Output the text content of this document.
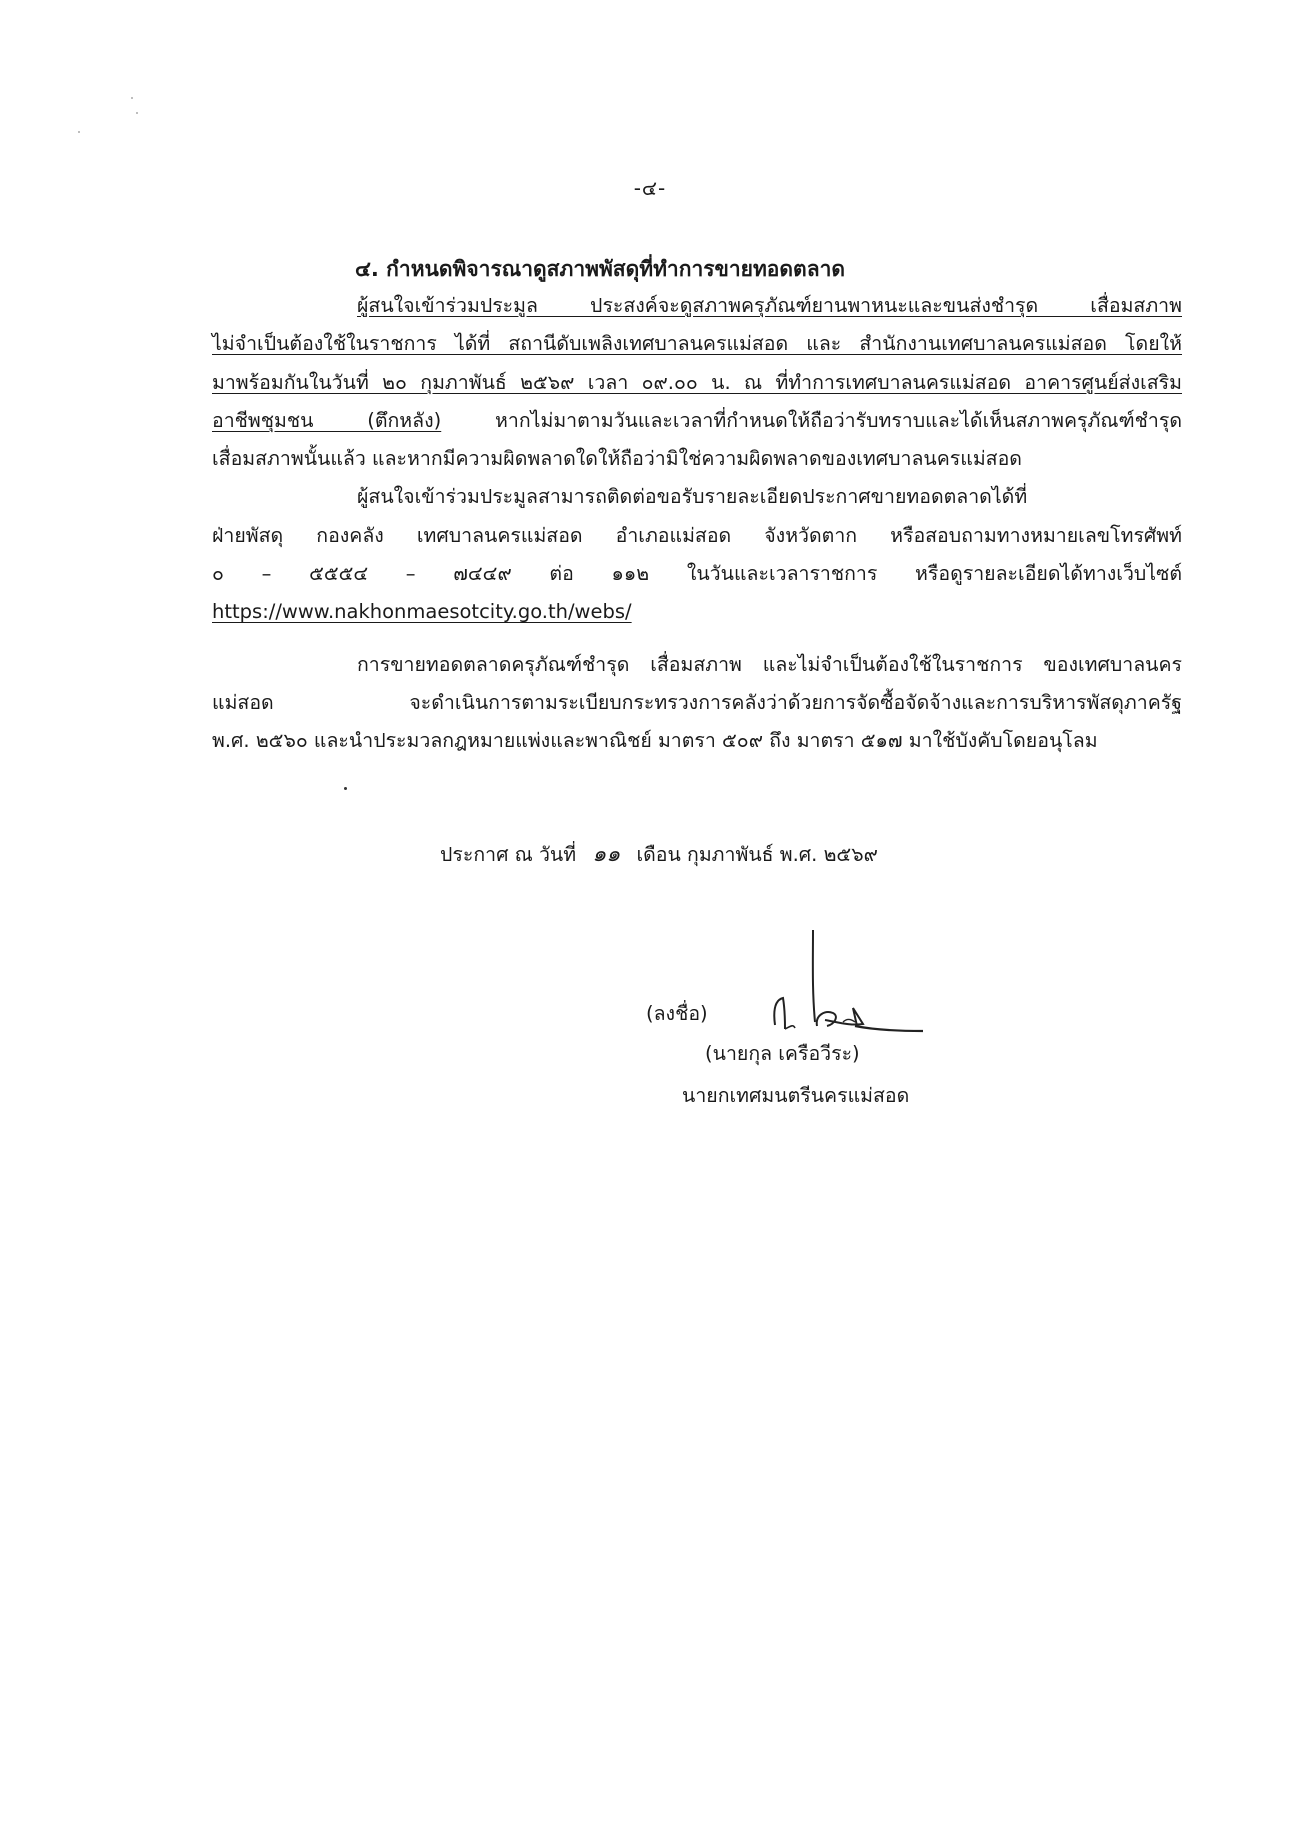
-๔-
๔. กำหนดพิจารณาดูสภาพพัสดุที่ทำการขายทอดตลาด
ผู้สนใจเข้าร่วมประมูล ประสงค์จะดูสภาพครุภัณฑ์ยานพาหนะและขนส่งชำรุด เสื่อมสภาพ
ไม่จำเป็นต้องใช้ในราชการ ได้ที่ สถานีดับเพลิงเทศบาลนครแม่สอด และ สำนักงานเทศบาลนครแม่สอด โดยให้
มาพร้อมกันในวันที่ ๒๐ กุมภาพันธ์ ๒๕๖๙ เวลา ๐๙.๐๐ น. ณ ที่ทำการเทศบาลนครแม่สอด อาคารศูนย์ส่งเสริม
อาชีพชุมชน (ตึกหลัง) หากไม่มาตามวันและเวลาที่กำหนดให้ถือว่ารับทราบและได้เห็นสภาพครุภัณฑ์ชำรุด
เสื่อมสภาพนั้นแล้ว และหากมีความผิดพลาดใดให้ถือว่ามิใช่ความผิดพลาดของเทศบาลนครแม่สอด
ผู้สนใจเข้าร่วมประมูลสามารถติดต่อขอรับรายละเอียดประกาศขายทอดตลาดได้ที่
ฝ่ายพัสดุ กองคลัง เทศบาลนครแม่สอด อำเภอแม่สอด จังหวัดตาก หรือสอบถามทางหมายเลขโทรศัพท์
๐ – ๕๕๕๔ – ๗๔๔๙ ต่อ ๑๑๒ ในวันและเวลาราชการ หรือดูรายละเอียดได้ทางเว็บไซต์
https://www.nakhonmaesotcity.go.th/webs/
การขายทอดตลาดครุภัณฑ์ชำรุด เสื่อมสภาพ และไม่จำเป็นต้องใช้ในราชการ ของเทศบาลนคร
แม่สอด จะดำเนินการตามระเบียบกระทรวงการคลังว่าด้วยการจัดซื้อจัดจ้างและการบริหารพัสดุภาครัฐ
พ.ศ. ๒๕๖๐ และนำประมวลกฎหมายแพ่งและพาณิชย์ มาตรา ๕๐๙ ถึง มาตรา ๕๑๗ มาใช้บังคับโดยอนุโลม
ประกาศ ณ วันที่ ๑๑ เดือน กุมภาพันธ์ พ.ศ. ๒๕๖๙
(ลงชื่อ)
(นายกุล เครือวีระ)
นายกเทศมนตรีนครแม่สอด
